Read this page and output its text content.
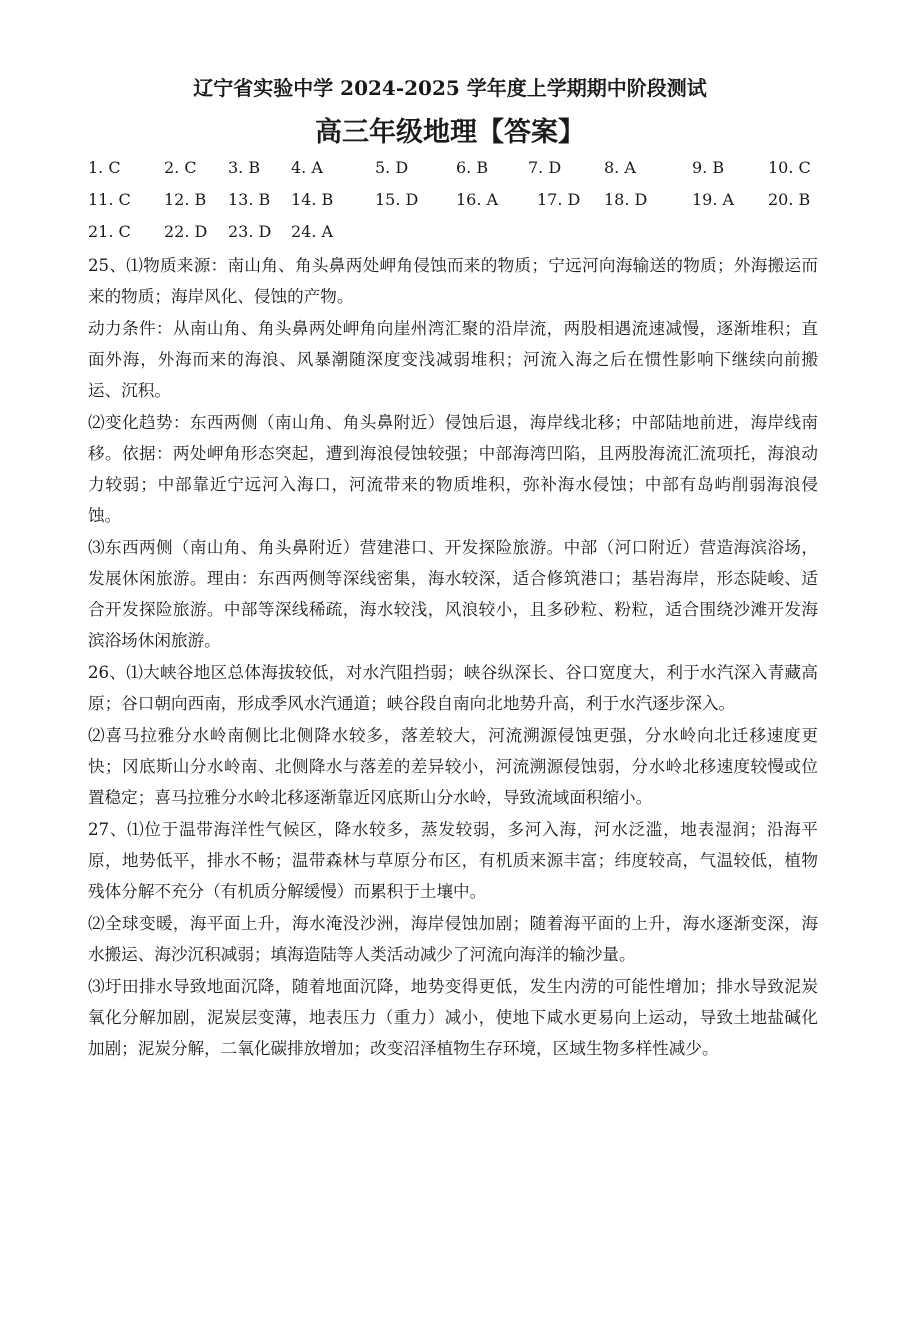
辽宁省实验中学 2024-2025 学年度上学期期中阶段测试
高三年级地理【答案】
1. C	2. C 3. B 4. A	5. D	6. B 7. D	8. A	9. B	10. C
11. C 12. B 13. B 14. B	15. D 16. A 17. D 18. D	19. A 20. B
21. C 22. D 23. D 24. A

25、⑴物质来源：南山角、角头鼻两处岬角侵蚀而来的物质；宁远河向海输送的物质；外海搬运而来的物质；海岸风化、侵蚀的产物。

动力条件：从南山角、角头鼻两处岬角向崖州湾汇聚的沿岸流，两股相遇流速减慢，逐渐堆积；直面外海，外海而来的海浪、风暴潮随深度变浅减弱堆积；河流入海之后在惯性影响下继续向前搬运、沉积。

⑵变化趋势：东西两侧（南山角、角头鼻附近）侵蚀后退，海岸线北移；中部陆地前进，海岸线南移。依据：两处岬角形态突起，遭到海浪侵蚀较强；中部海湾凹陷，且两股海流汇流项托，海浪动力较弱；中部靠近宁远河入海口，河流带来的物质堆积，弥补海水侵蚀；中部有岛屿削弱海浪侵蚀。

⑶东西两侧（南山角、角头鼻附近）营建港口、开发探险旅游。中部（河口附近）营造海滨浴场，发展休闲旅游。理由：东西两侧等深线密集，海水较深，适合修筑港口；基岩海岸，形态陡峻、适合开发探险旅游。中部等深线稀疏，海水较浅，风浪较小，且多砂粒、粉粒，适合围绕沙滩开发海滨浴场休闲旅游。

26、⑴大峡谷地区总体海拔较低，对水汽阻挡弱；峡谷纵深长、谷口宽度大，利于水汽深入青藏高原；谷口朝向西南，形成季风水汽通道；峡谷段自南向北地势升高，利于水汽逐步深入。

⑵喜马拉雅分水岭南侧比北侧降水较多，落差较大，河流溯源侵蚀更强，分水岭向北迁移速度更快；冈底斯山分水岭南、北侧降水与落差的差异较小，河流溯源侵蚀弱，分水岭北移速度较慢或位置稳定；喜马拉雅分水岭北移逐渐靠近冈底斯山分水岭，导致流域面积缩小。

27、⑴位于温带海洋性气候区，降水较多，蒸发较弱，多河入海，河水泛滥，地表湿润；沿海平原，地势低平，排水不畅；温带森林与草原分布区，有机质来源丰富；纬度较高，气温较低，植物残体分解不充分（有机质分解缓慢）而累积于土壤中。

⑵全球变暖，海平面上升，海水淹没沙洲，海岸侵蚀加剧；随着海平面的上升，海水逐渐变深，海水搬运、海沙沉积减弱；填海造陆等人类活动减少了河流向海洋的输沙量。

⑶圩田排水导致地面沉降，随着地面沉降，地势变得更低，发生内涝的可能性增加；排水导致泥炭氧化分解加剧，泥炭层变薄，地表压力（重力）减小，使地下咸水更易向上运动，导致土地盐碱化加剧；泥炭分解，二氧化碳排放增加；改变沼泽植物生存环境，区域生物多样性减少。
